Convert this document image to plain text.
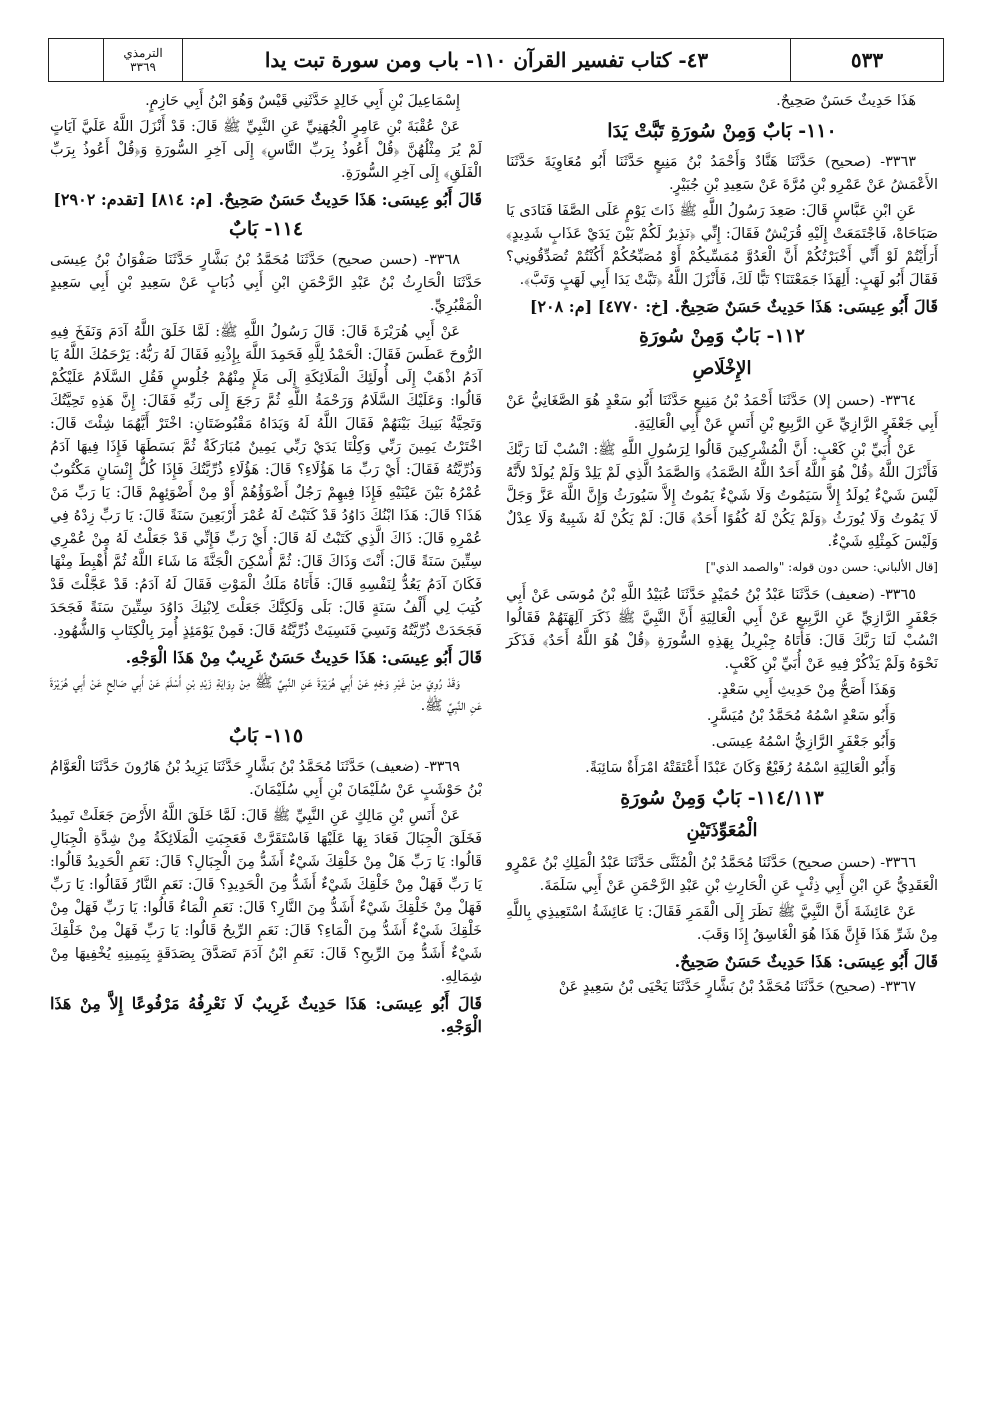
٥٣٣
٤٣- كتاب تفسير القرآن ١١٠- باب ومن سورة تبت يدا
الترمذي
٣٣٦٩

هَذَا حَدِيثٌ حَسَنٌ صَحِيحٌ.

١١٠- بَابٌ وَمِنْ سُورَةِ تَبَّتْ يَدَا

٣٣٦٣- (صحيح) حَدَّثَنَا هَنَّادٌ وَأَحْمَدُ بْنُ مَنِيعٍ حَدَّثَنَا أَبُو مُعَاوِيَةَ حَدَّثَنَا الأَعْمَشُ عَنْ عَمْرِو بْنِ مُرَّةَ عَنْ سَعِيدِ بْنِ جُبَيْرٍ.

عَنِ ابْنِ عَبَّاسٍ قَالَ: صَعِدَ رَسُولُ اللَّهِ ﷺ ذَاتَ يَوْمٍ عَلَى الصَّفَا فَنَادَى يَا صَبَاحَاهْ، فَاجْتَمَعَتْ إِلَيْهِ قُرَيْشٌ فَقَالَ: إِنِّي ﴿نَذِيرٌ لَكُمْ بَيْنَ يَدَيْ عَذَابٍ شَدِيدٍ﴾ أَرَأَيْتُمْ لَوْ أَنِّي أَخْبَرْتُكُمْ أَنَّ الْعَدُوَّ مُمَسِّيكُمْ أَوْ مُصَبِّحُكُمْ أَكُنْتُمْ تُصَدِّقُونِي؟ فَقَالَ أَبُو لَهَبٍ: أَلِهَذَا جَمَعْتَنَا؟ تَبًّا لَكَ، فَأَنْزَلَ اللَّهُ ﴿تَبَّتْ يَدَا أَبِي لَهَبٍ وَتَبَّ﴾.

قَالَ أَبُو عِيسَى: هَذَا حَدِيثٌ حَسَنٌ صَحِيحٌ. [خ: ٤٧٧٠] [م: ٢٠٨]

١١٢- بَابٌ وَمِنْ سُورَةِ
الإِخْلَاصِ

٣٣٦٤- (حسن إلا) حَدَّثَنَا أَحْمَدُ بْنُ مَنِيعٍ حَدَّثَنَا أَبُو سَعْدٍ هُوَ الصَّغَانِيُّ عَنْ أَبِي جَعْفَرٍ الرَّازِيِّ عَنِ الرَّبِيعِ بْنِ أَنَسٍ عَنْ أَبِي الْعَالِيَةِ.

عَنْ أُبَيِّ بْنِ كَعْبٍ: أَنَّ الْمُشْرِكِينَ قَالُوا لِرَسُولِ اللَّهِ ﷺ: انْسُبْ لَنَا رَبَّكَ فَأَنْزَلَ اللَّهُ ﴿قُلْ هُوَ اللَّهُ أَحَدٌ اللَّهُ الصَّمَدُ﴾ وَالصَّمَدُ الَّذِي لَمْ يَلِدْ وَلَمْ يُولَدْ لأَنَّهُ لَيْسَ شَيْءٌ يُولَدُ إِلاَّ سَيَمُوتُ وَلَا شَيْءٌ يَمُوتُ إِلاَّ سَيُورَثُ وَإِنَّ اللَّهَ عَزَّ وَجَلَّ لَا يَمُوتُ وَلَا يُورَثُ ﴿وَلَمْ يَكُنْ لَهُ كُفُوًا أَحَدٌ﴾ قَالَ: لَمْ يَكُنْ لَهُ شَبِيهٌ وَلَا عِدْلٌ وَلَيْسَ كَمِثْلِهِ شَيْءٌ.

[قال الألباني: حسن دون قوله: "والصمد الذي"]

٣٣٦٥- (ضعيف) حَدَّثَنَا عَبْدُ بْنُ حُمَيْدٍ حَدَّثَنَا عُبَيْدُ اللَّهِ بْنُ مُوسَى عَنْ أَبِي جَعْفَرٍ الرَّازِيِّ عَنِ الرَّبِيعِ عَنْ أَبِي الْعَالِيَةِ أَنَّ النَّبِيَّ ﷺ ذَكَرَ آلِهَتَهُمْ فَقَالُوا انْسُبْ لَنَا رَبَّكَ قَالَ: فَأَتَاهُ جِبْرِيلُ بِهَذِهِ السُّورَةِ ﴿قُلْ هُوَ اللَّهُ أَحَدٌ﴾ فَذَكَرَ نَحْوَهُ وَلَمْ يَذْكُرْ فِيهِ عَنْ أُبَيِّ بْنِ كَعْبٍ.

وَهَذَا أَصَحُّ مِنْ حَدِيثِ أَبِي سَعْدٍ.

وَأَبُو سَعْدٍ اسْمُهُ مُحَمَّدُ بْنُ مُيَسَّرٍ.

وَأَبُو جَعْفَرٍ الرَّازِيُّ اسْمُهُ عِيسَى.

وَأَبُو الْعَالِيَةِ اسْمُهُ رُفَيْعٌ وَكَانَ عَبْدًا أَعْتَقَتْهُ امْرَأَةٌ سَائِبَةً.

١١٤/١١٣- بَابٌ وَمِنْ سُورَةِ
الْمُعَوِّذَتَيْنِ

٣٣٦٦- (حسن صحيح) حَدَّثَنَا مُحَمَّدُ بْنُ الْمُثَنَّى حَدَّثَنَا عَبْدُ الْمَلِكِ بْنُ عَمْرٍو الْعَقَدِيُّ عَنِ ابْنِ أَبِي ذِئْبٍ عَنِ الْحَارِثِ بْنِ عَبْدِ الرَّحْمَنِ عَنْ أَبِي سَلَمَةَ.

عَنْ عَائِشَةَ أَنَّ النَّبِيَّ ﷺ نَظَرَ إِلَى الْقَمَرِ فَقَالَ: يَا عَائِشَةُ اسْتَعِيذِي بِاللَّهِ مِنْ شَرِّ هَذَا فَإِنَّ هَذَا هُوَ الْغَاسِقُ إِذَا وَقَبَ.

قَالَ أَبُو عِيسَى: هَذَا حَدِيثٌ حَسَنٌ صَحِيحٌ.

٣٣٦٧- (صحيح) حَدَّثَنَا مُحَمَّدُ بْنُ بَشَّارٍ حَدَّثَنَا يَحْيَى بْنُ سَعِيدٍ عَنْ

إِسْمَاعِيلَ بْنِ أَبِي خَالِدٍ حَدَّثَنِي قَيْسٌ وَهُوَ ابْنُ أَبِي حَازِمٍ.

عَنْ عُقْبَةَ بْنِ عَامِرٍ الْجُهَنِيِّ عَنِ النَّبِيِّ ﷺ قَالَ: قَدْ أَنْزَلَ اللَّهُ عَلَيَّ آيَاتٍ لَمْ يُرَ مِثْلُهُنَّ ﴿قُلْ أَعُوذُ بِرَبِّ النَّاسِ﴾ إِلَى آخِرِ السُّورَةِ وَ﴿قُلْ أَعُوذُ بِرَبِّ الْفَلَقِ﴾ إِلَى آخِرِ السُّورَةِ.

قَالَ أَبُو عِيسَى: هَذَا حَدِيثٌ حَسَنٌ صَحِيحٌ. [م: ٨١٤] [تقدم: ٢٩٠٢]

١١٤- بَابٌ

٣٣٦٨- (حسن صحيح) حَدَّثَنَا مُحَمَّدُ بْنُ بَشَّارٍ حَدَّثَنَا صَفْوَانُ بْنُ عِيسَى حَدَّثَنَا الْحَارِثُ بْنُ عَبْدِ الرَّحْمَنِ ابْنِ أَبِي ذُبَابٍ عَنْ سَعِيدِ بْنِ أَبِي سَعِيدٍ الْمَقْبُرِيِّ.

عَنْ أَبِي هُرَيْرَةَ قَالَ: قَالَ رَسُولُ اللَّهِ ﷺ: لَمَّا خَلَقَ اللَّهُ آدَمَ وَنَفَخَ فِيهِ الرُّوحَ عَطَسَ فَقَالَ: الْحَمْدُ لِلَّهِ فَحَمِدَ اللَّهَ بِإِذْنِهِ فَقَالَ لَهُ رَبُّهُ: يَرْحَمُكَ اللَّهُ يَا آدَمُ اذْهَبْ إِلَى أُولَئِكَ الْمَلَائِكَةِ إِلَى مَلَإٍ مِنْهُمْ جُلُوسٍ فَقُلِ السَّلَامُ عَلَيْكُمْ قَالُوا: وَعَلَيْكَ السَّلَامُ وَرَحْمَةُ اللَّهِ ثُمَّ رَجَعَ إِلَى رَبِّهِ فَقَالَ: إِنَّ هَذِهِ تَحِيَّتُكَ وَتَحِيَّةُ بَنِيكَ بَيْنَهُمْ فَقَالَ اللَّهُ لَهُ وَيَدَاهُ مَقْبُوضَتَانِ: اخْتَرْ أَيَّهُمَا شِئْتَ قَالَ: اخْتَرْتُ يَمِينَ رَبِّي وَكِلْتَا يَدَيْ رَبِّي يَمِينٌ مُبَارَكَةٌ ثُمَّ بَسَطَهَا فَإِذَا فِيهَا آدَمُ وَذُرِّيَّتُهُ فَقَالَ: أَيْ رَبِّ مَا هَؤُلَاءِ؟ قَالَ: هَؤُلَاءِ ذُرِّيَّتُكَ فَإِذَا كُلُّ إِنْسَانٍ مَكْتُوبٌ عُمْرُهُ بَيْنَ عَيْنَيْهِ فَإِذَا فِيهِمْ رَجُلٌ أَضْوَؤُهُمْ أَوْ مِنْ أَضْوَئِهِمْ قَالَ: يَا رَبِّ مَنْ هَذَا؟ قَالَ: هَذَا ابْنُكَ دَاوُدُ قَدْ كَتَبْتُ لَهُ عُمْرَ أَرْبَعِينَ سَنَةً قَالَ: يَا رَبِّ زِدْهُ فِي عُمْرِهِ قَالَ: ذَاكَ الَّذِي كَتَبْتُ لَهُ قَالَ: أَيْ رَبِّ فَإِنِّي قَدْ جَعَلْتُ لَهُ مِنْ عُمْرِي سِتِّينَ سَنَةً قَالَ: أَنْتَ وَذَاكَ قَالَ: ثُمَّ أُسْكِنَ الْجَنَّةَ مَا شَاءَ اللَّهُ ثُمَّ أُهْبِطَ مِنْهَا فَكَانَ آدَمُ يَعُدُّ لِنَفْسِهِ قَالَ: فَأَتَاهُ مَلَكُ الْمَوْتِ فَقَالَ لَهُ آدَمُ: قَدْ عَجَّلْتَ قَدْ كُتِبَ لِي أَلْفُ سَنَةٍ قَالَ: بَلَى وَلَكِنَّكَ جَعَلْتَ لِابْنِكَ دَاوُدَ سِتِّينَ سَنَةً فَجَحَدَ فَجَحَدَتْ ذُرِّيَّتُهُ وَنَسِيَ فَنَسِيَتْ ذُرِّيَّتُهُ قَالَ: فَمِنْ يَوْمَئِذٍ أُمِرَ بِالْكِتَابِ وَالشُّهُودِ.

قَالَ أَبُو عِيسَى: هَذَا حَدِيثٌ حَسَنٌ غَرِيبٌ مِنْ هَذَا الْوَجْهِ.

وَقَدْ رُوِيَ مِنْ غَيْرِ وَجْهٍ عَنْ أَبِي هُرَيْرَةَ عَنِ النَّبِيِّ ﷺ مِنْ رِوَايَةِ زَيْدِ بْنِ أَسْلَمَ عَنْ أَبِي صَالِحٍ عَنْ أَبِي هُرَيْرَةَ عَنِ النَّبِيِّ ﷺ.

١١٥- بَابٌ

٣٣٦٩- (ضعيف) حَدَّثَنَا مُحَمَّدُ بْنُ بَشَّارٍ حَدَّثَنَا يَزِيدُ بْنُ هَارُونَ حَدَّثَنَا الْعَوَّامُ بْنُ حَوْشَبٍ عَنْ سُلَيْمَانَ بْنِ أَبِي سُلَيْمَانَ.

عَنْ أَنَسِ بْنِ مَالِكٍ عَنِ النَّبِيِّ ﷺ قَالَ: لَمَّا خَلَقَ اللَّهُ الأَرْضَ جَعَلَتْ تَمِيدُ فَخَلَقَ الْجِبَالَ فَعَادَ بِهَا عَلَيْهَا فَاسْتَقَرَّتْ فَعَجِبَتِ الْمَلَائِكَةُ مِنْ شِدَّةِ الْجِبَالِ قَالُوا: يَا رَبِّ هَلْ مِنْ خَلْقِكَ شَيْءٌ أَشَدُّ مِنَ الْجِبَالِ؟ قَالَ: نَعَمِ الْحَدِيدُ قَالُوا: يَا رَبِّ فَهَلْ مِنْ خَلْقِكَ شَيْءٌ أَشَدُّ مِنَ الْحَدِيدِ؟ قَالَ: نَعَمِ النَّارُ فَقَالُوا: يَا رَبِّ فَهَلْ مِنْ خَلْقِكَ شَيْءٌ أَشَدُّ مِنَ النَّارِ؟ قَالَ: نَعَمِ الْمَاءُ قَالُوا: يَا رَبِّ فَهَلْ مِنْ خَلْقِكَ شَيْءٌ أَشَدُّ مِنَ الْمَاءِ؟ قَالَ: نَعَمِ الرِّيحُ قَالُوا: يَا رَبِّ فَهَلْ مِنْ خَلْقِكَ شَيْءٌ أَشَدُّ مِنَ الرِّيحِ؟ قَالَ: نَعَمِ ابْنُ آدَمَ تَصَدَّقَ بِصَدَقَةٍ بِيَمِينِهِ يُخْفِيهَا مِنْ شِمَالِهِ.

قَالَ أَبُو عِيسَى: هَذَا حَدِيثٌ غَرِيبٌ لَا نَعْرِفُهُ مَرْفُوعًا إِلاَّ مِنْ هَذَا الْوَجْهِ.
